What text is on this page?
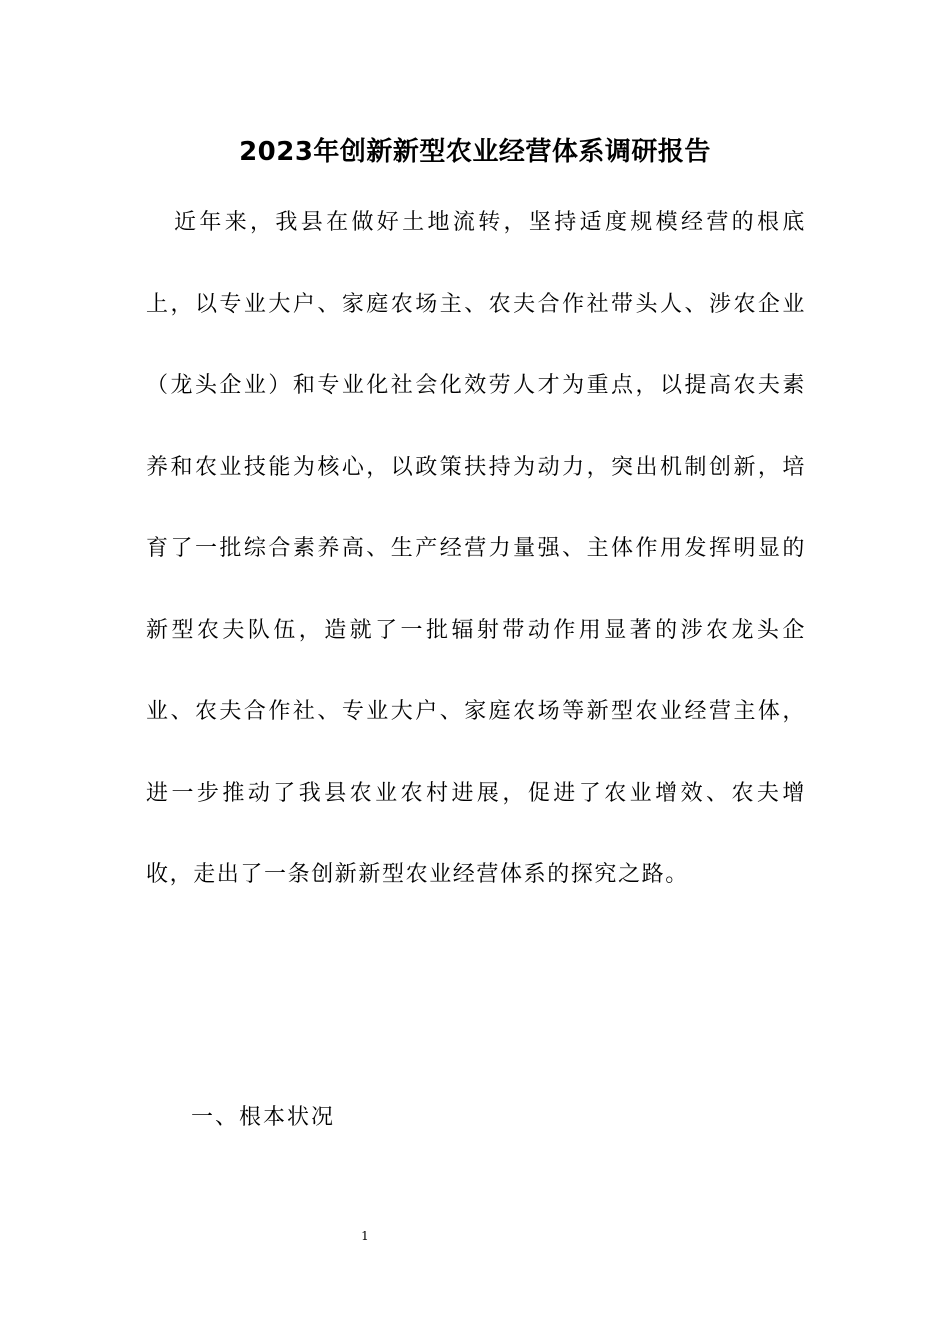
2023年创新新型农业经营体系调研报告
近年来，我县在做好土地流转，坚持适度规模经营的根底
上，以专业大户、家庭农场主、农夫合作社带头人、涉农企业
（龙头企业）和专业化社会化效劳人才为重点，以提高农夫素
养和农业技能为核心，以政策扶持为动力，突出机制创新，培
育了一批综合素养高、生产经营力量强、主体作用发挥明显的
新型农夫队伍，造就了一批辐射带动作用显著的涉农龙头企
业、农夫合作社、专业大户、家庭农场等新型农业经营主体，
进一步推动了我县农业农村进展，促进了农业增效、农夫增
收，走出了一条创新新型农业经营体系的探究之路。

一、根本状况

1
